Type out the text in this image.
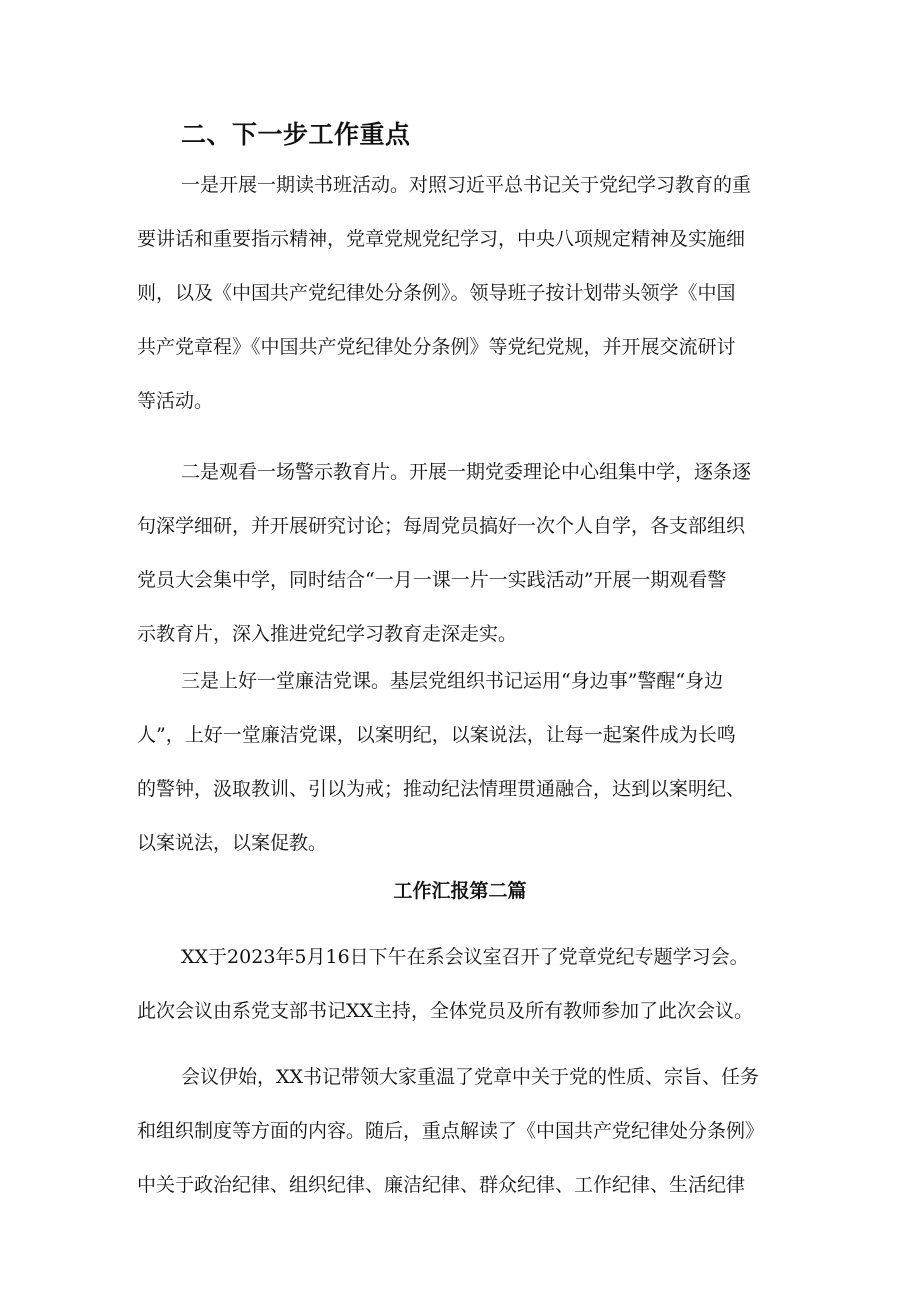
二、下一步工作重点
一是开展一期读书班活动。对照习近平总书记关于党纪学习教育的重
要讲话和重要指示精神，党章党规党纪学习，中央八项规定精神及实施细
则，以及《中国共产党纪律处分条例》。领导班子按计划带头领学《中国
共产党章程》《中国共产党纪律处分条例》等党纪党规，并开展交流研讨
等活动。
二是观看一场警示教育片。开展一期党委理论中心组集中学，逐条逐
句深学细研，并开展研究讨论；每周党员搞好一次个人自学，各支部组织
党员大会集中学，同时结合“一月一课一片一实践活动”开展一期观看警
示教育片，深入推进党纪学习教育走深走实。
三是上好一堂廉洁党课。基层党组织书记运用“身边事”警醒“身边
人”，上好一堂廉洁党课，以案明纪，以案说法，让每一起案件成为长鸣
的警钟，汲取教训、引以为戒；推动纪法情理贯通融合，达到以案明纪、
以案说法，以案促教。
工作汇报第二篇
XX于2023年5月16日下午在系会议室召开了党章党纪专题学习会。
此次会议由系党支部书记XX主持，全体党员及所有教师参加了此次会议。
会议伊始，XX书记带领大家重温了党章中关于党的性质、宗旨、任务
和组织制度等方面的内容。随后，重点解读了《中国共产党纪律处分条例》
中关于政治纪律、组织纪律、廉洁纪律、群众纪律、工作纪律、生活纪律
